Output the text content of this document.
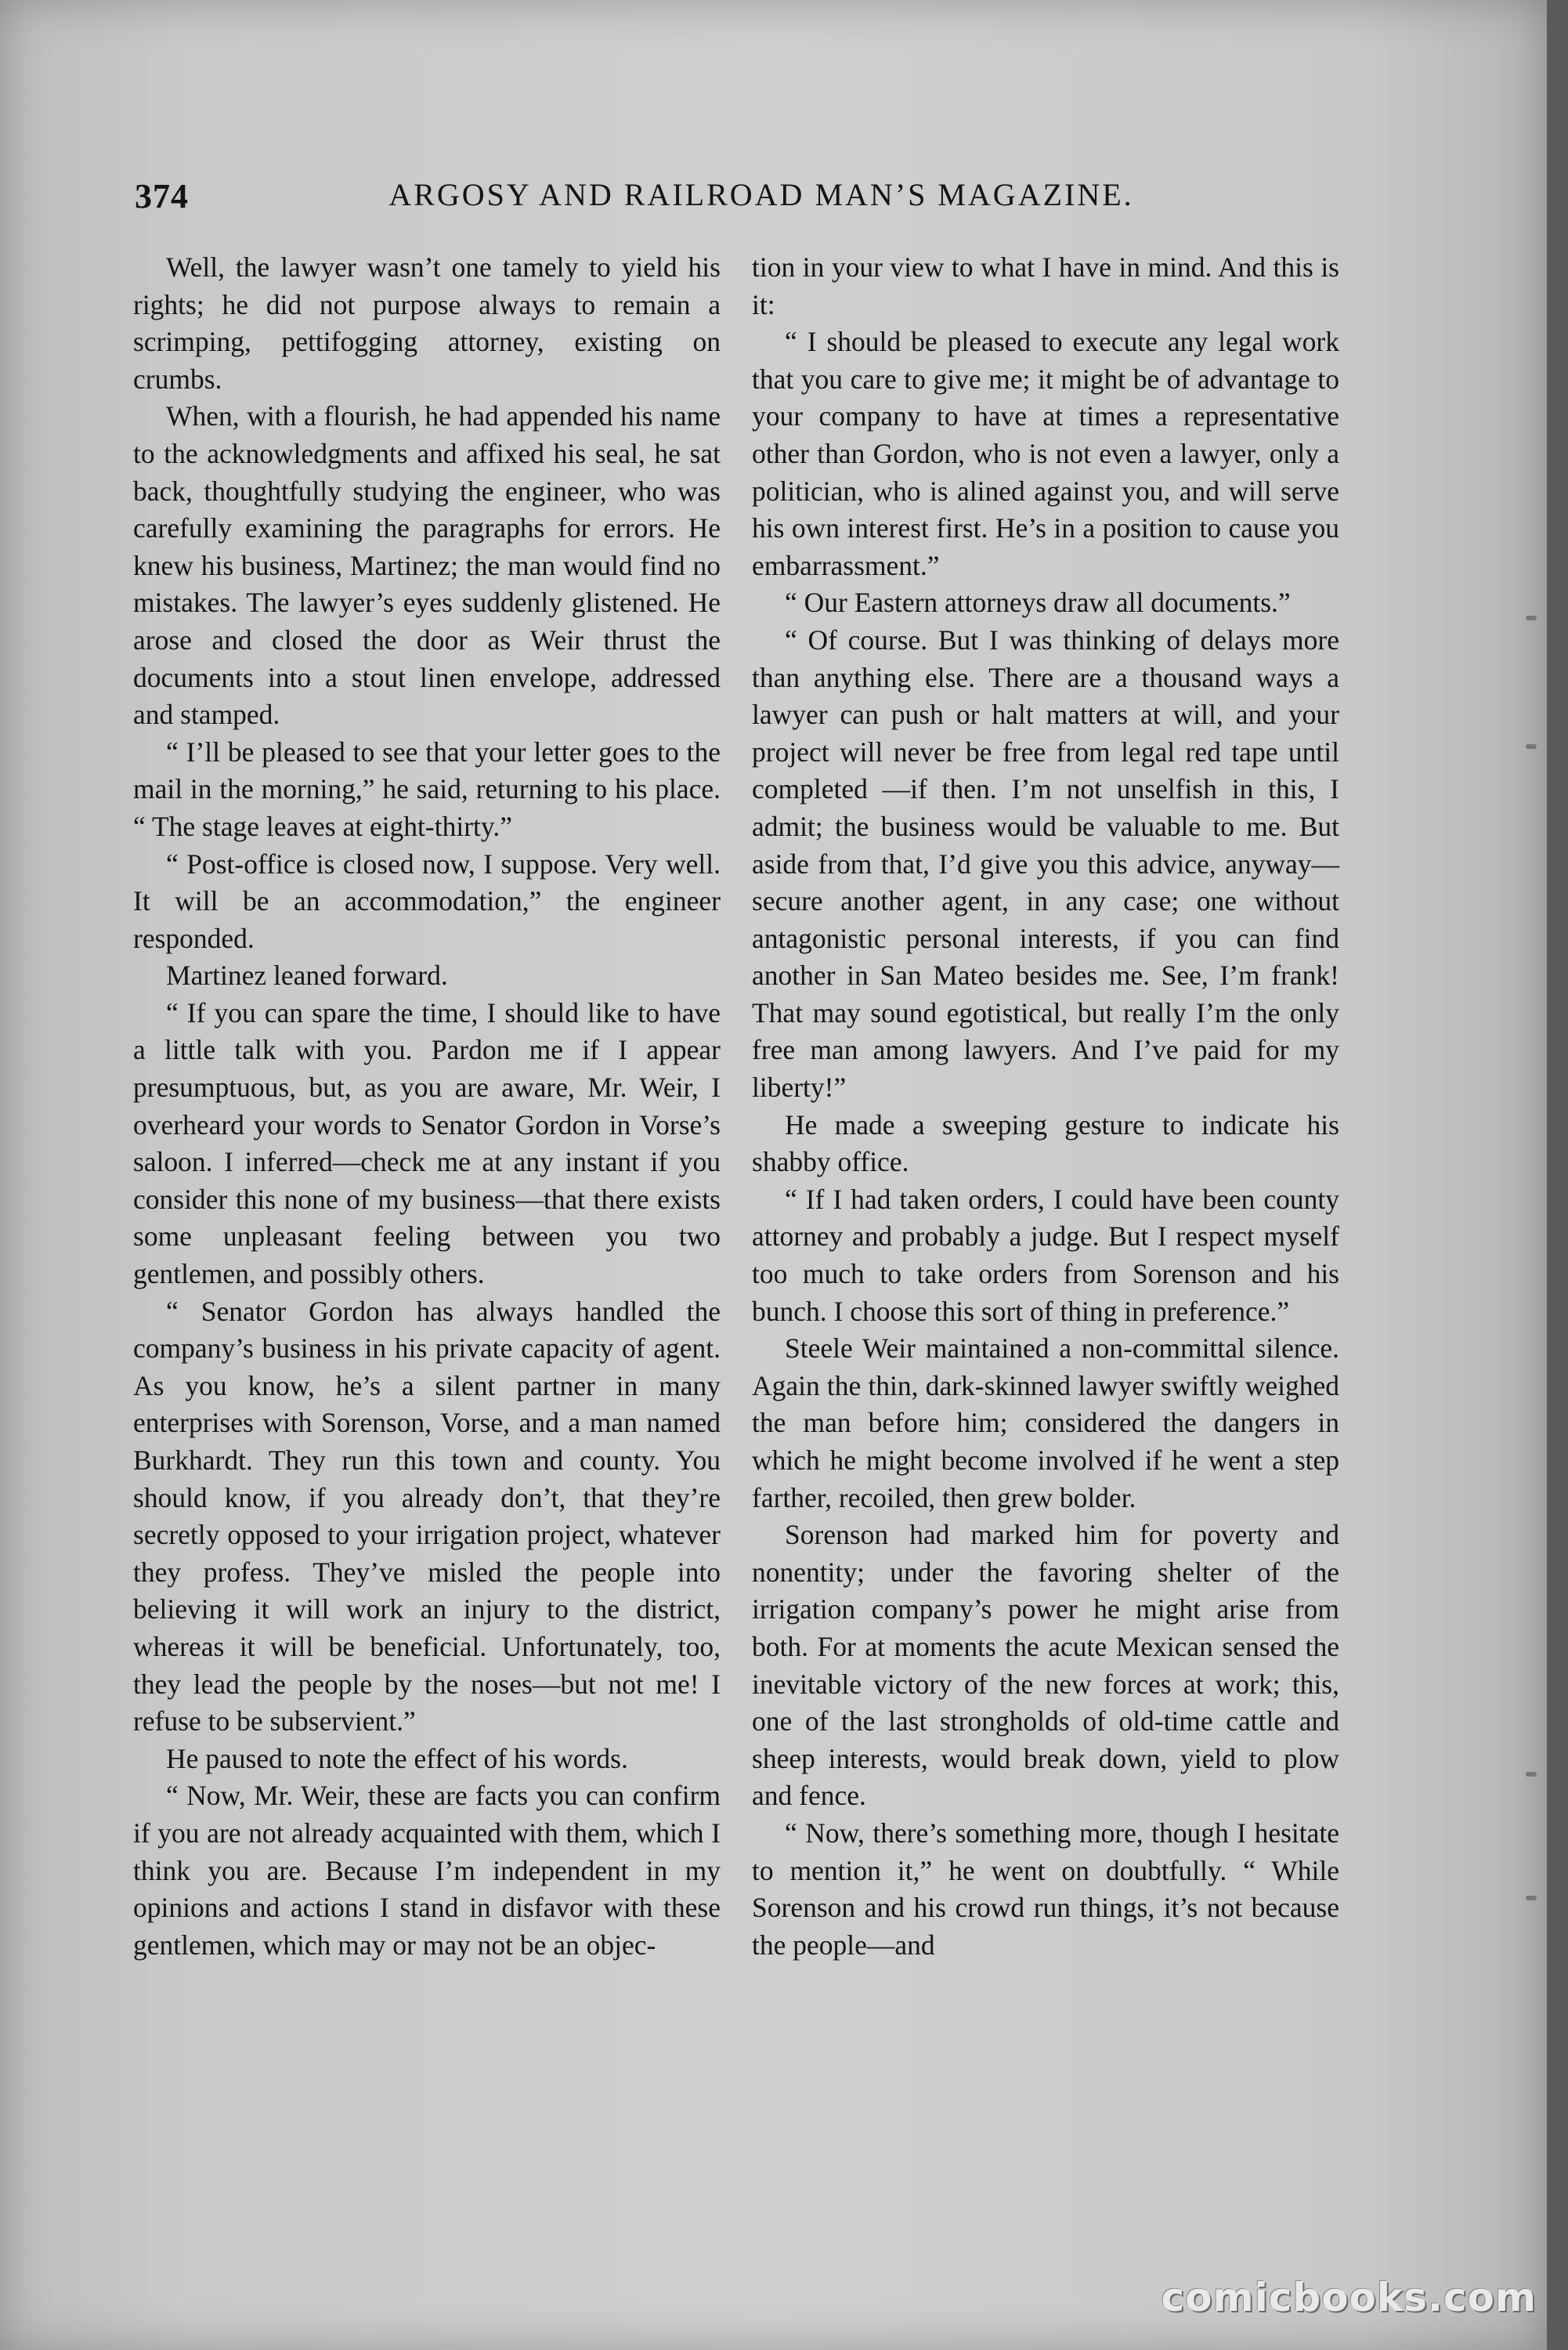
374	ARGOSY AND RAILROAD MAN’S MAGAZINE.

Well, the lawyer wasn’t one tamely to yield his rights; he did not purpose always to remain a scrimping, pettifogging attorney, existing on crumbs.

When, with a flourish, he had appended his name to the acknowledgments and affixed his seal, he sat back, thoughtfully studying the engineer, who was carefully examining the paragraphs for errors. He knew his business, Martinez; the man would find no mistakes. The lawyer’s eyes suddenly glistened. He arose and closed the door as Weir thrust the documents into a stout linen envelope, addressed and stamped.

“ I’ll be pleased to see that your letter goes to the mail in the morning,” he said, returning to his place. “ The stage leaves at eight-thirty.”

“ Post-office is closed now, I suppose. Very well. It will be an accommodation,” the engineer responded.

Martinez leaned forward.

“ If you can spare the time, I should like to have a little talk with you. Pardon me if I appear presumptuous, but, as you are aware, Mr. Weir, I overheard your words to Senator Gordon in Vorse’s saloon. I inferred—check me at any instant if you consider this none of my business—that there exists some unpleasant feeling between you two gentlemen, and possibly others.

“ Senator Gordon has always handled the company’s business in his private capacity of agent. As you know, he’s a silent partner in many enterprises with Sorenson, Vorse, and a man named Burkhardt. They run this town and county. You should know, if you already don’t, that they’re secretly opposed to your irrigation project, whatever they profess. They’ve misled the people into believing it will work an injury to the district, whereas it will be beneficial. Unfortunately, too, they lead the people by the noses—but not me! I refuse to be subservient.”

He paused to note the effect of his words.

“ Now, Mr. Weir, these are facts you can confirm if you are not already acquainted with them, which I think you are. Because I’m independent in my opinions and actions I stand in disfavor with these gentlemen, which may or may not be an objec-

tion in your view to what I have in mind. And this is it:

“ I should be pleased to execute any legal work that you care to give me; it might be of advantage to your company to have at times a representative other than Gordon, who is not even a lawyer, only a politician, who is alined against you, and will serve his own interest first. He’s in a position to cause you embarrassment.”

“ Our Eastern attorneys draw all documents.”

“ Of course. But I was thinking of delays more than anything else. There are a thousand ways a lawyer can push or halt matters at will, and your project will never be free from legal red tape until completed —if then. I’m not unselfish in this, I admit; the business would be valuable to me. But aside from that, I’d give you this advice, anyway—secure another agent, in any case; one without antagonistic personal interests, if you can find another in San Mateo besides me. See, I’m frank! That may sound egotistical, but really I’m the only free man among lawyers. And I’ve paid for my liberty!”

He made a sweeping gesture to indicate his shabby office.

“ If I had taken orders, I could have been county attorney and probably a judge. But I respect myself too much to take orders from Sorenson and his bunch. I choose this sort of thing in preference.”

Steele Weir maintained a non-committal silence. Again the thin, dark-skinned lawyer swiftly weighed the man before him; considered the dangers in which he might become involved if he went a step farther, recoiled, then grew bolder.

Sorenson had marked him for poverty and nonentity; under the favoring shelter of the irrigation company’s power he might arise from both. For at moments the acute Mexican sensed the inevitable victory of the new forces at work; this, one of the last strongholds of old-time cattle and sheep interests, would break down, yield to plow and fence.

“ Now, there’s something more, though I hesitate to mention it,” he went on doubtfully. “ While Sorenson and his crowd run things, it’s not because the people—and

comicbooks.com
